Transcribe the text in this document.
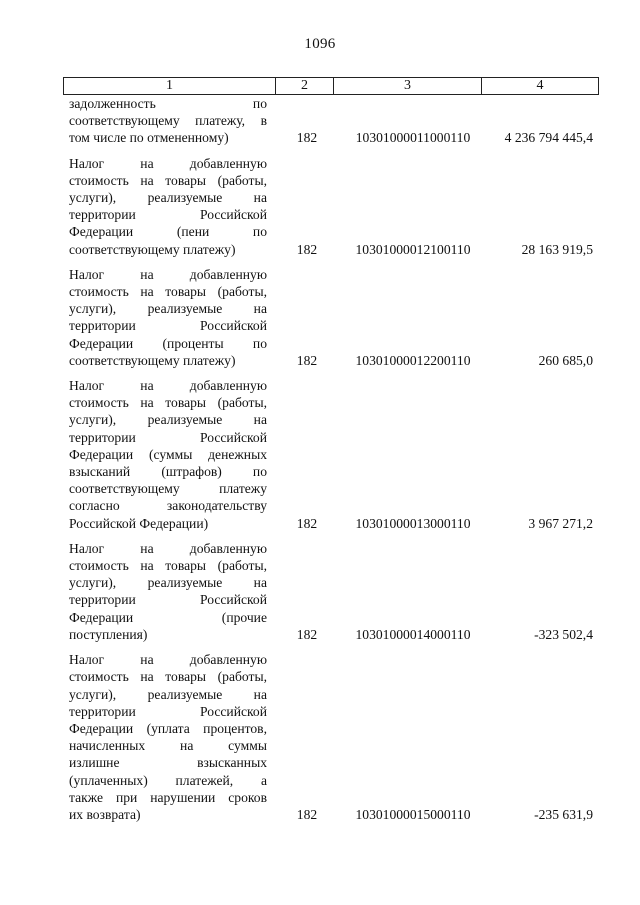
1096
1	2	3	4
задолженность по
соответствующему платежу, в
том числе по отмененному)	182	10301000011000110	4 236 794 445,4
Налог на добавленную
стоимость на товары (работы,
услуги), реализуемые на
территории Российской
Федерации (пени по
соответствующему платежу)	182	10301000012100110	28 163 919,5
Налог на добавленную
стоимость на товары (работы,
услуги), реализуемые на
территории Российской
Федерации (проценты по
соответствующему платежу)	182	10301000012200110	260 685,0
Налог на добавленную
стоимость на товары (работы,
услуги), реализуемые на
территории Российской
Федерации (суммы денежных
взысканий (штрафов) по
соответствующему платежу
согласно законодательству
Российской Федерации)	182	10301000013000110	3 967 271,2
Налог на добавленную
стоимость на товары (работы,
услуги), реализуемые на
территории Российской
Федерации (прочие
поступления)	182	10301000014000110	-323 502,4
Налог на добавленную
стоимость на товары (работы,
услуги), реализуемые на
территории Российской
Федерации (уплата процентов,
начисленных на суммы
излишне взысканных
(уплаченных) платежей, а
также при нарушении сроков
их возврата)	182	10301000015000110	-235 631,9
